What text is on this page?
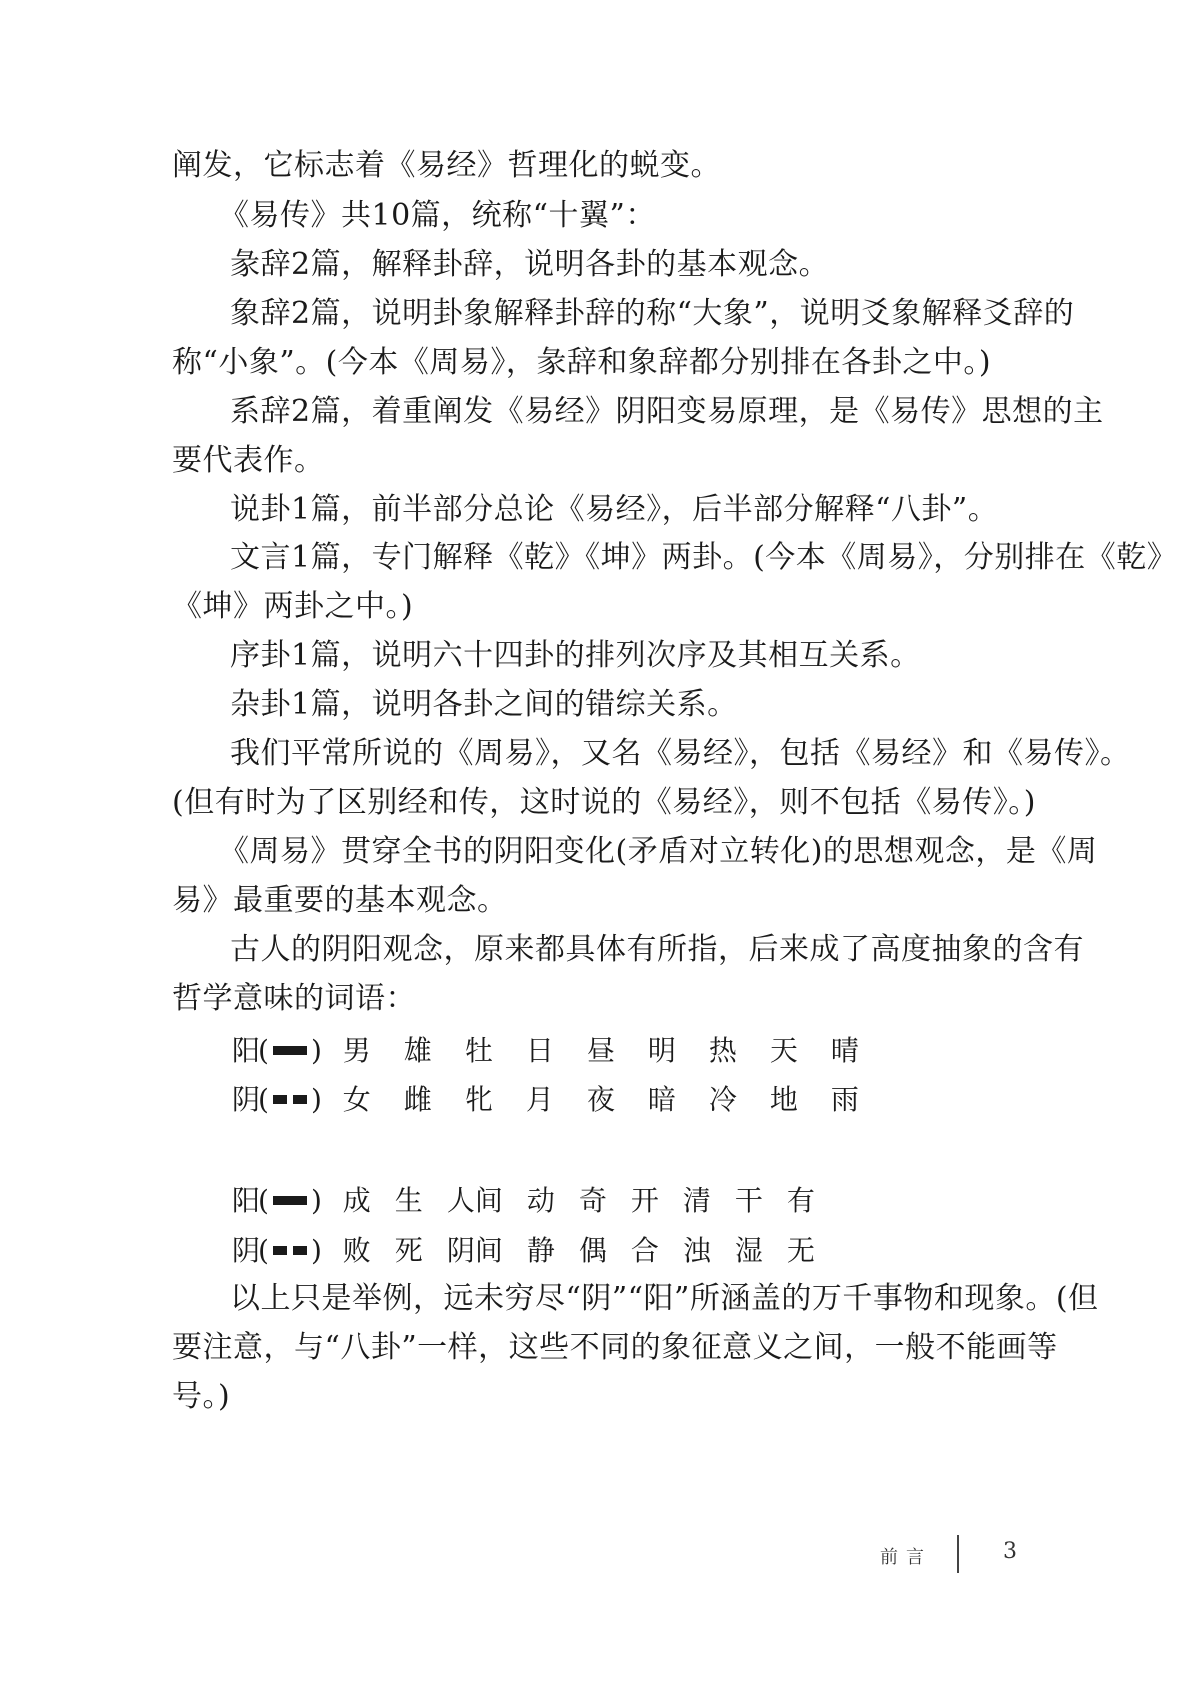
阐发，它标志着《易经》哲理化的蜕变。
《易传》共10篇，统称“十翼”：
彖辞2篇，解释卦辞，说明各卦的基本观念。
象辞2篇，说明卦象解释卦辞的称“大象”，说明爻象解释爻辞的
称“小象”。(今本《周易》，彖辞和象辞都分别排在各卦之中。)
系辞2篇，着重阐发《易经》阴阳变易原理，是《易传》思想的主
要代表作。
说卦1篇，前半部分总论《易经》，后半部分解释“八卦”。
文言1篇，专门解释《乾》《坤》两卦。(今本《周易》，分别排在《乾》
《坤》两卦之中。)
序卦1篇，说明六十四卦的排列次序及其相互关系。
杂卦1篇，说明各卦之间的错综关系。
我们平常所说的《周易》，又名《易经》，包括《易经》和《易传》。
(但有时为了区别经和传，这时说的《易经》，则不包括《易传》。)
《周易》贯穿全书的阴阳变化(矛盾对立转化)的思想观念，是《周
易》最重要的基本观念。
古人的阴阳观念，原来都具体有所指，后来成了高度抽象的含有
哲学意味的词语：
阳( ) 男 雄 牡 日 昼 明 热 天 晴
阴( ) 女 雌 牝 月 夜 暗 冷 地 雨
阳( ) 成 生 人间 动 奇 开 清 干 有
阴( ) 败 死 阴间 静 偶 合 浊 湿 无
以上只是举例，远未穷尽“阴”“阳”所涵盖的万千事物和现象。(但
要注意，与“八卦”一样，这些不同的象征意义之间，一般不能画等
号。)
前言	3
